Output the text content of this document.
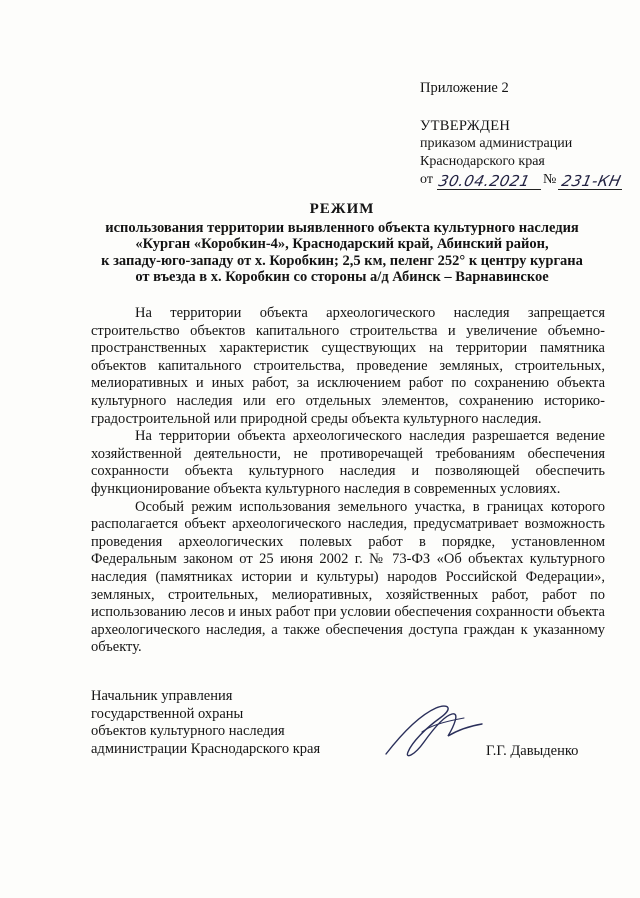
Приложение 2
УТВЕРЖДЕН
приказом администрации
Краснодарского края
от 30.04.2021 № 231-КН
РЕЖИМ
использования территории выявленного объекта культурного наследия
«Курган «Коробкин-4», Краснодарский край, Абинский район,
к западу-юго-западу от х. Коробкин; 2,5 км, пеленг 252° к центру кургана
от въезда в х. Коробкин со стороны а/д Абинск – Варнавинское

На территории объекта археологического наследия запрещается строительство объектов капитального строительства и увеличение объемно-пространственных характеристик существующих на территории памятника объектов капитального строительства, проведение земляных, строительных, мелиоративных и иных работ, за исключением работ по сохранению объекта культурного наследия или его отдельных элементов, сохранению историко-градостроительной или природной среды объекта культурного наследия.

На территории объекта археологического наследия разрешается ведение хозяйственной деятельности, не противоречащей требованиям обеспечения сохранности объекта культурного наследия и позволяющей обеспечить функционирование объекта культурного наследия в современных условиях.

Особый режим использования земельного участка, в границах которого располагается объект археологического наследия, предусматривает возможность проведения археологических полевых работ в порядке, установленном Федеральным законом от 25 июня 2002 г. № 73-ФЗ «Об объектах культурного наследия (памятниках истории и культуры) народов Российской Федерации», земляных, строительных, мелиоративных, хозяйственных работ, работ по использованию лесов и иных работ при условии обеспечения сохранности объекта археологического наследия, а также обеспечения доступа граждан к указанному объекту.

Начальник управления
государственной охраны
объектов культурного наследия
администрации Краснодарского края	Г.Г. Давыденко
